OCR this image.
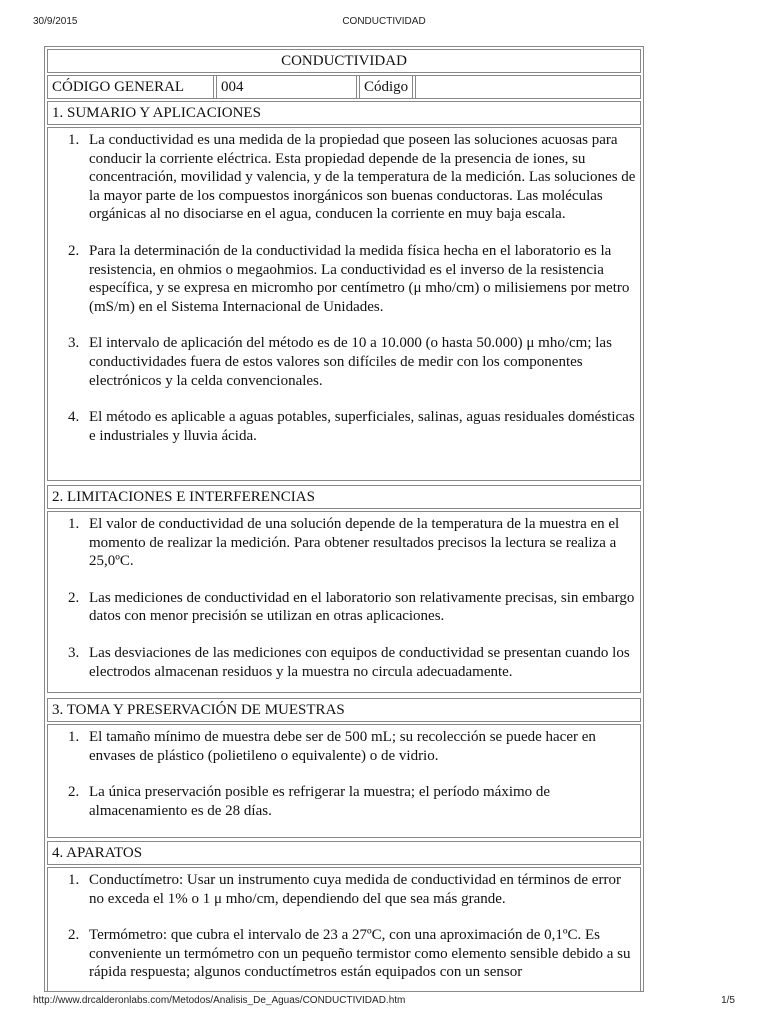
30/9/2015	CONDUCTIVIDAD
CONDUCTIVIDAD
CÓDIGO GENERAL	004	Código
1. SUMARIO Y APLICACIONES
1. La conductividad es una medida de la propiedad que poseen las soluciones acuosas para conducir la corriente eléctrica. Esta propiedad depende de la presencia de iones, su concentración, movilidad y valencia, y de la temperatura de la medición. Las soluciones de la mayor parte de los compuestos inorgánicos son buenas conductoras. Las moléculas orgánicas al no disociarse en el agua, conducen la corriente en muy baja escala.
2. Para la determinación de la conductividad la medida física hecha en el laboratorio es la resistencia, en ohmios o megaohmios. La conductividad es el inverso de la resistencia específica, y se expresa en micromho por centímetro (μ mho/cm) o milisiemens por metro (mS/m) en el Sistema Internacional de Unidades.
3. El intervalo de aplicación del método es de 10 a 10.000 (o hasta 50.000) μ mho/cm; las conductividades fuera de estos valores son difíciles de medir con los componentes electrónicos y la celda convencionales.
4. El método es aplicable a aguas potables, superficiales, salinas, aguas residuales domésticas e industriales y lluvia ácida.
2. LIMITACIONES E INTERFERENCIAS
1. El valor de conductividad de una solución depende de la temperatura de la muestra en el momento de realizar la medición. Para obtener resultados precisos la lectura se realiza a 25,0ºC.
2. Las mediciones de conductividad en el laboratorio son relativamente precisas, sin embargo datos con menor precisión se utilizan en otras aplicaciones.
3. Las desviaciones de las mediciones con equipos de conductividad se presentan cuando los electrodos almacenan residuos y la muestra no circula adecuadamente.
3. TOMA Y PRESERVACIÓN DE MUESTRAS
1. El tamaño mínimo de muestra debe ser de 500 mL; su recolección se puede hacer en envases de plástico (polietileno o equivalente) o de vidrio.
2. La única preservación posible es refrigerar la muestra; el período máximo de almacenamiento es de 28 días.
4. APARATOS
1. Conductímetro: Usar un instrumento cuya medida de conductividad en términos de error no exceda el 1% o 1 μ mho/cm, dependiendo del que sea más grande.
2. Termómetro: que cubra el intervalo de 23 a 27ºC, con una aproximación de 0,1ºC. Es conveniente un termómetro con un pequeño termistor como elemento sensible debido a su rápida respuesta; algunos conductímetros están equipados con un sensor
http://www.drcalderonlabs.com/Metodos/Analisis_De_Aguas/CONDUCTIVIDAD.htm	1/5
